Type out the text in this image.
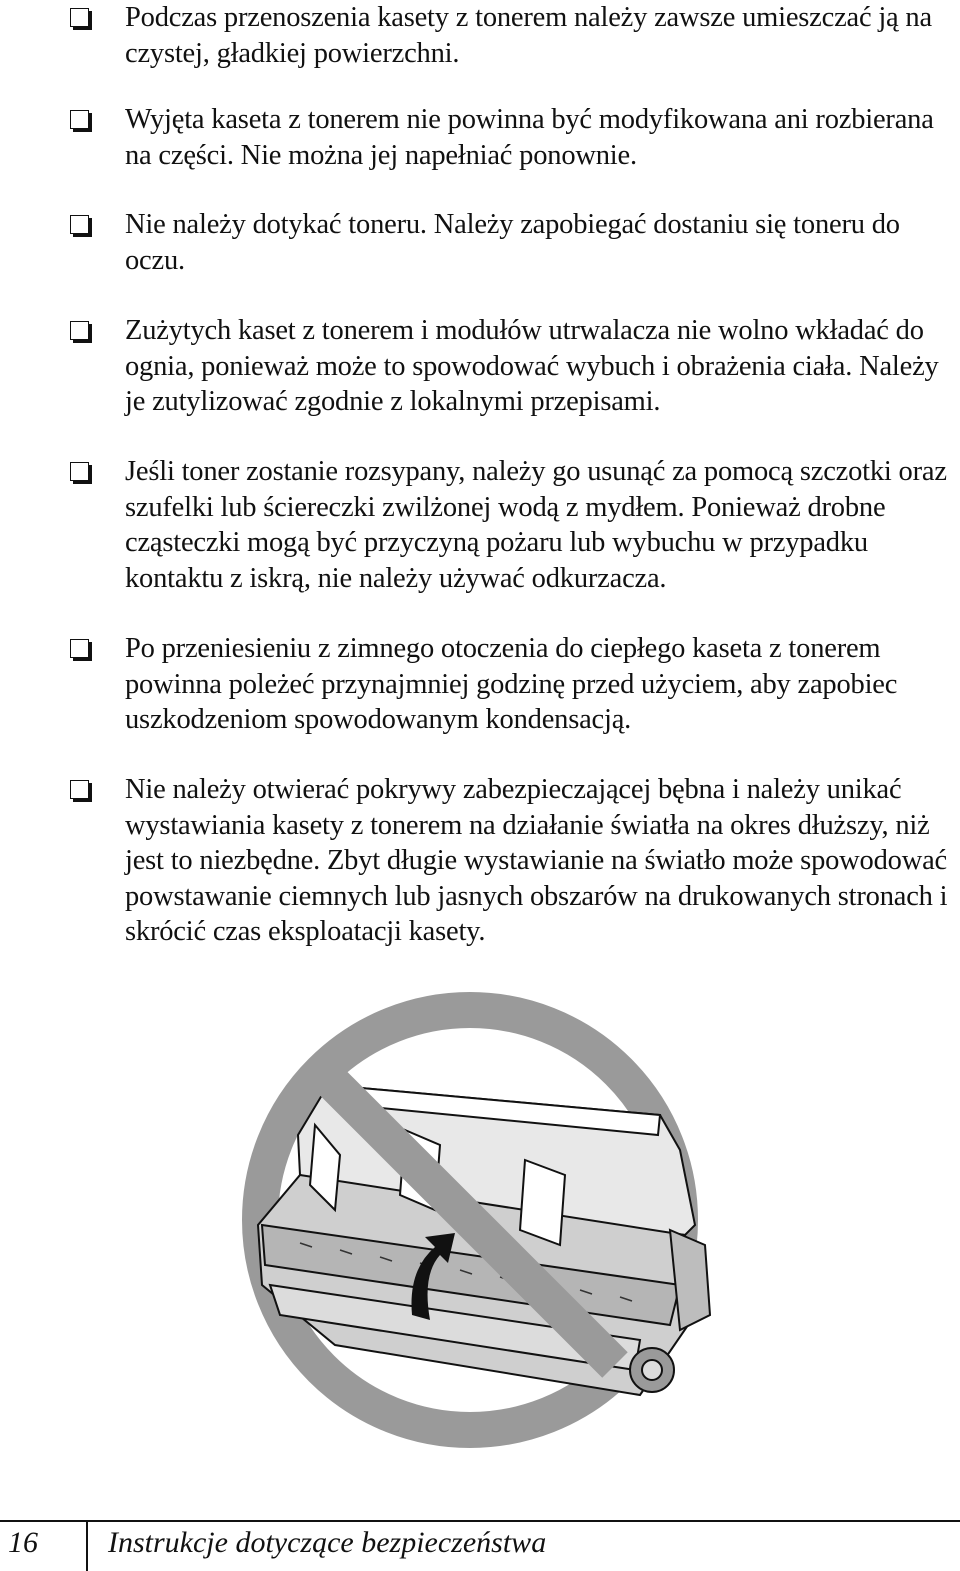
Podczas przenoszenia kasety z tonerem należy zawsze umieszczać ją na czystej, gładkiej powierzchni.
Wyjęta kaseta z tonerem nie powinna być modyfikowana ani rozbierana na części. Nie można jej napełniać ponownie.
Nie należy dotykać toneru. Należy zapobiegać dostaniu się toneru do oczu.
Zużytych kaset z tonerem i modułów utrwalacza nie wolno wkładać do ognia, ponieważ może to spowodować wybuch i obrażenia ciała. Należy je zutylizować zgodnie z lokalnymi przepisami.
Jeśli toner zostanie rozsypany, należy go usunąć za pomocą szczotki oraz szufelki lub ściereczki zwilżonej wodą z mydłem. Ponieważ drobne cząsteczki mogą być przyczyną pożaru lub wybuchu w przypadku kontaktu z iskrą, nie należy używać odkurzacza.
Po przeniesieniu z zimnego otoczenia do ciepłego kaseta z tonerem powinna poleżeć przynajmniej godzinę przed użyciem, aby zapobiec uszkodzeniom spowodowanym kondensacją.
Nie należy otwierać pokrywy zabezpieczającej bębna i należy unikać wystawiania kasety z tonerem na działanie światła na okres dłuższy, niż jest to niezbędne. Zbyt długie wystawianie na światło może spowodować powstawanie ciemnych lub jasnych obszarów na drukowanych stronach i skrócić czas eksploatacji kasety.
16 Instrukcje dotyczące bezpieczeństwa
